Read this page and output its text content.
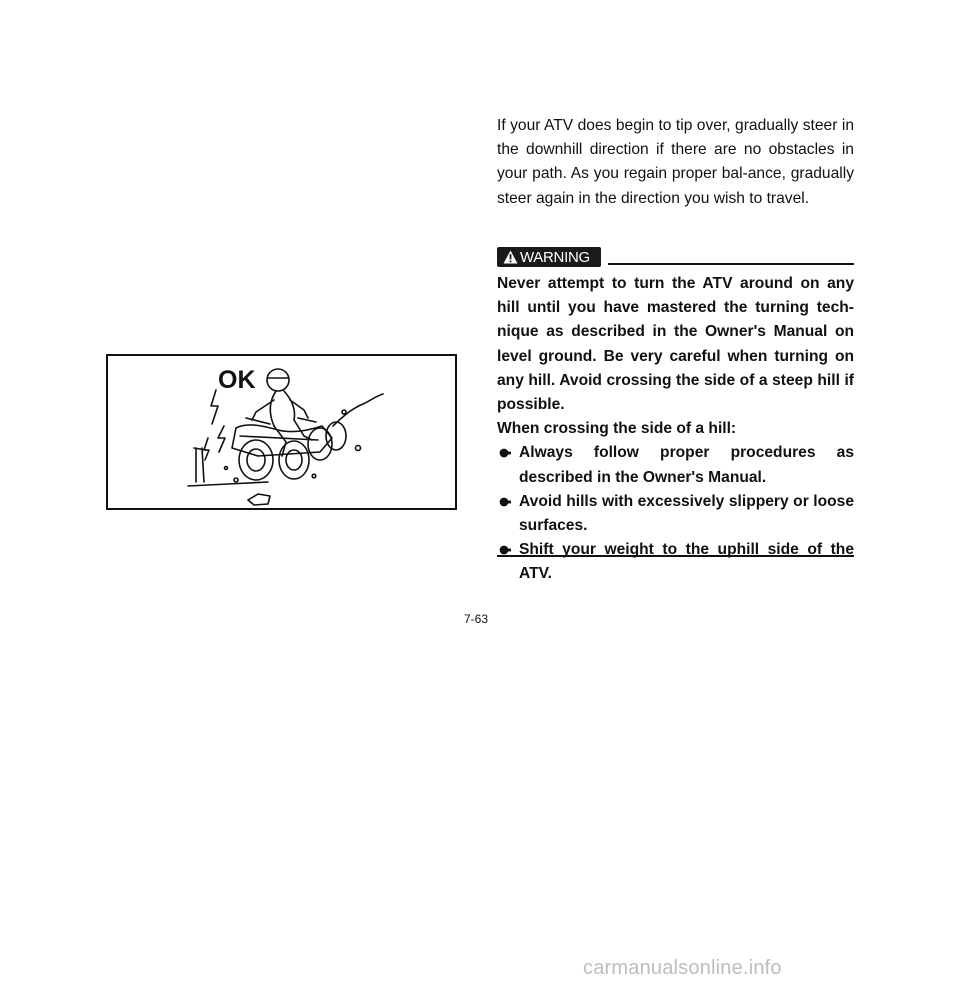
If your ATV does begin to tip over, gradually steer in the downhill direction if there are no obstacles in your path. As you regain proper bal-ance, gradually steer again in the direction you wish to travel.

WARNING

Never attempt to turn the ATV around on any hill until you have mastered the turning tech-nique as described in the Owner's Manual on level ground. Be very careful when turning on any hill. Avoid crossing the side of a steep hill if possible.

When crossing the side of a hill:

Always follow proper procedures as described in the Owner's Manual.
Avoid hills with excessively slippery or loose surfaces.
Shift your weight to the uphill side of the ATV.

OK

7-63

carmanualsonline.info
